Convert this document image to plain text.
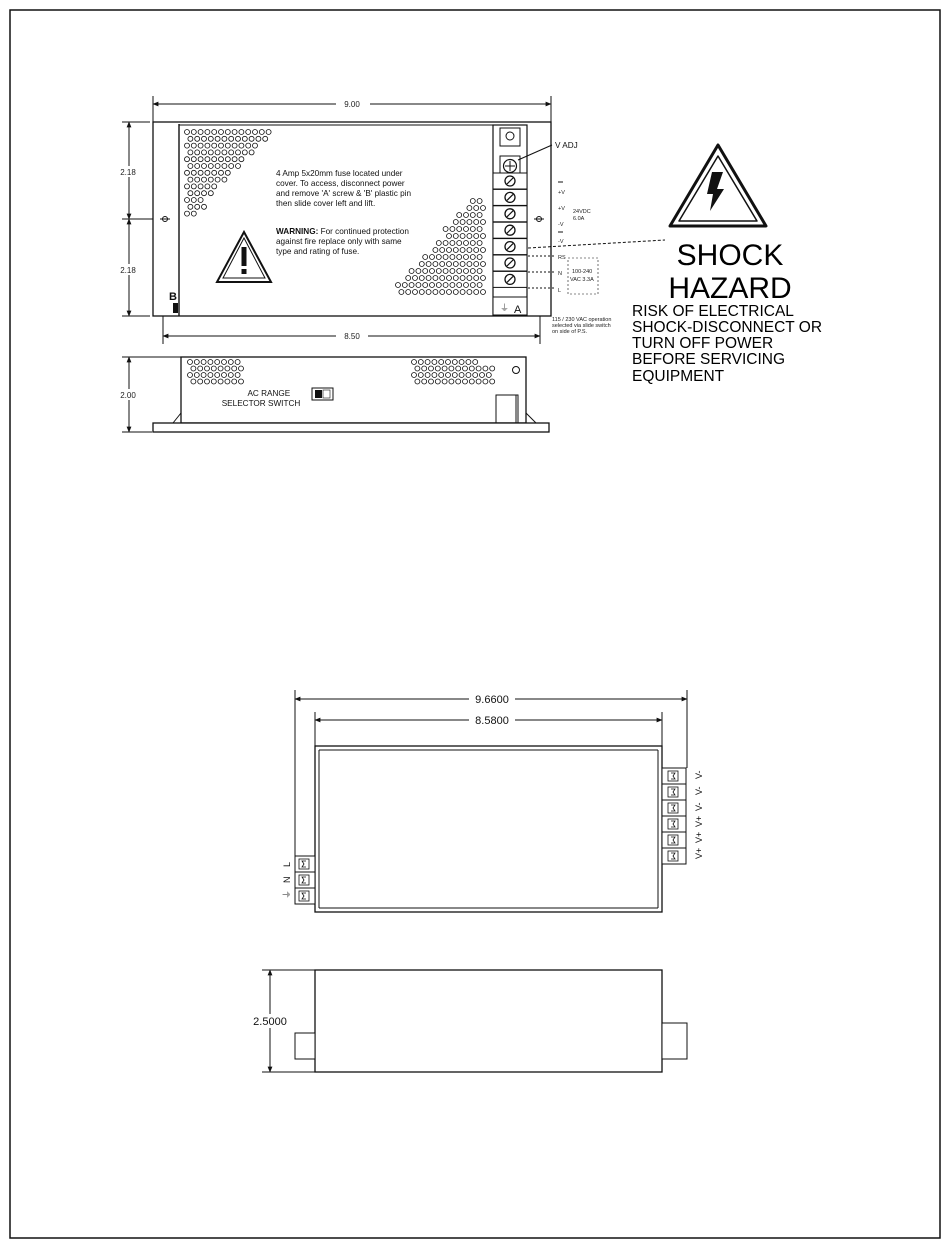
9.00
2.18
2.18
B
4 Amp 5x20mm fuse located under cover. To access, disconnect power and remove 'A' screw & 'B' plastic pin then slide cover left and lift.
WARNING: For continued protection against fire replace only with same type and rating of fuse.
V ADJ
⏚ A
+V
+V
-V
-V
24VDC
6.0A
RS
N
L
100-240
VAC 3.3A
115 / 230 VAC operation selected via slide switch on side of P.S.
8.50
2.00	AC RANGE SELECTOR SWITCH
SHOCK
HAZARD
RISK OF ELECTRICAL SHOCK-DISCONNECT OR TURN OFF POWER BEFORE SERVICING EQUIPMENT
9.6600
8.5800
V-
V-
V-
V+
V+
V+
L
N
⏚
2.5000
